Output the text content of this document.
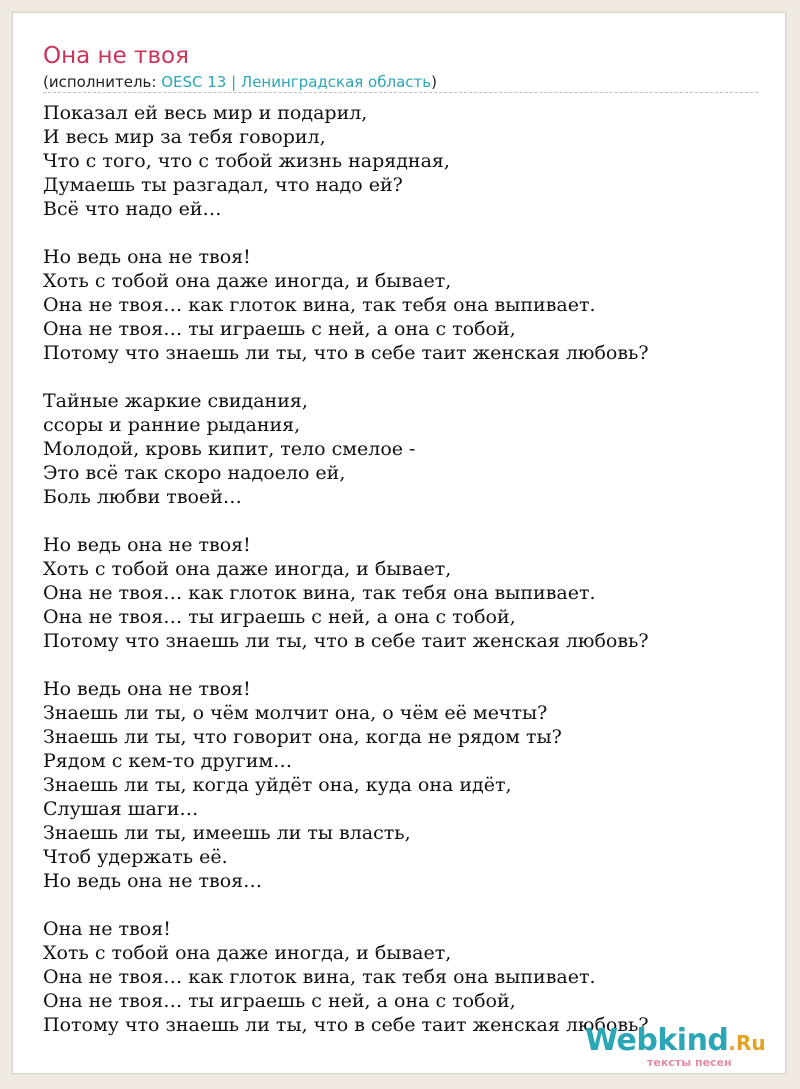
Она не твоя
(исполнитель: OESC 13 | Ленинградская область)
Показал ей весь мир и подарил,
И весь мир за тебя говорил,
Что с того, что с тобой жизнь нарядная,
Думаешь ты разгадал, что надо ей?
Всё что надо ей…
Но ведь она не твоя!
Хоть с тобой она даже иногда, и бывает,
Она не твоя… как глоток вина, так тебя она выпивает.
Она не твоя… ты играешь с ней, а она с тобой,
Потому что знаешь ли ты, что в себе таит женская любовь?
Тайные жаркие свидания,
ссоры и ранние рыдания,
Молодой, кровь кипит, тело смелое -
Это всё так скоро надоело ей,
Боль любви твоей…
Но ведь она не твоя!
Хоть с тобой она даже иногда, и бывает,
Она не твоя… как глоток вина, так тебя она выпивает.
Она не твоя… ты играешь с ней, а она с тобой,
Потому что знаешь ли ты, что в себе таит женская любовь?
Но ведь она не твоя!
Знаешь ли ты, о чём молчит она, о чём её мечты?
Знаешь ли ты, что говорит она, когда не рядом ты?
Рядом с кем-то другим…
Знаешь ли ты, когда уйдёт она, куда она идёт,
Слушая шаги…
Знаешь ли ты, имеешь ли ты власть,
Чтоб удержать её.
Но ведь она не твоя…
Она не твоя!
Хоть с тобой она даже иногда, и бывает,
Она не твоя… как глоток вина, так тебя она выпивает.
Она не твоя… ты играешь с ней, а она с тобой,
Потому что знаешь ли ты, что в себе таит женская любовь?
Webkind.Ru
тексты песен
